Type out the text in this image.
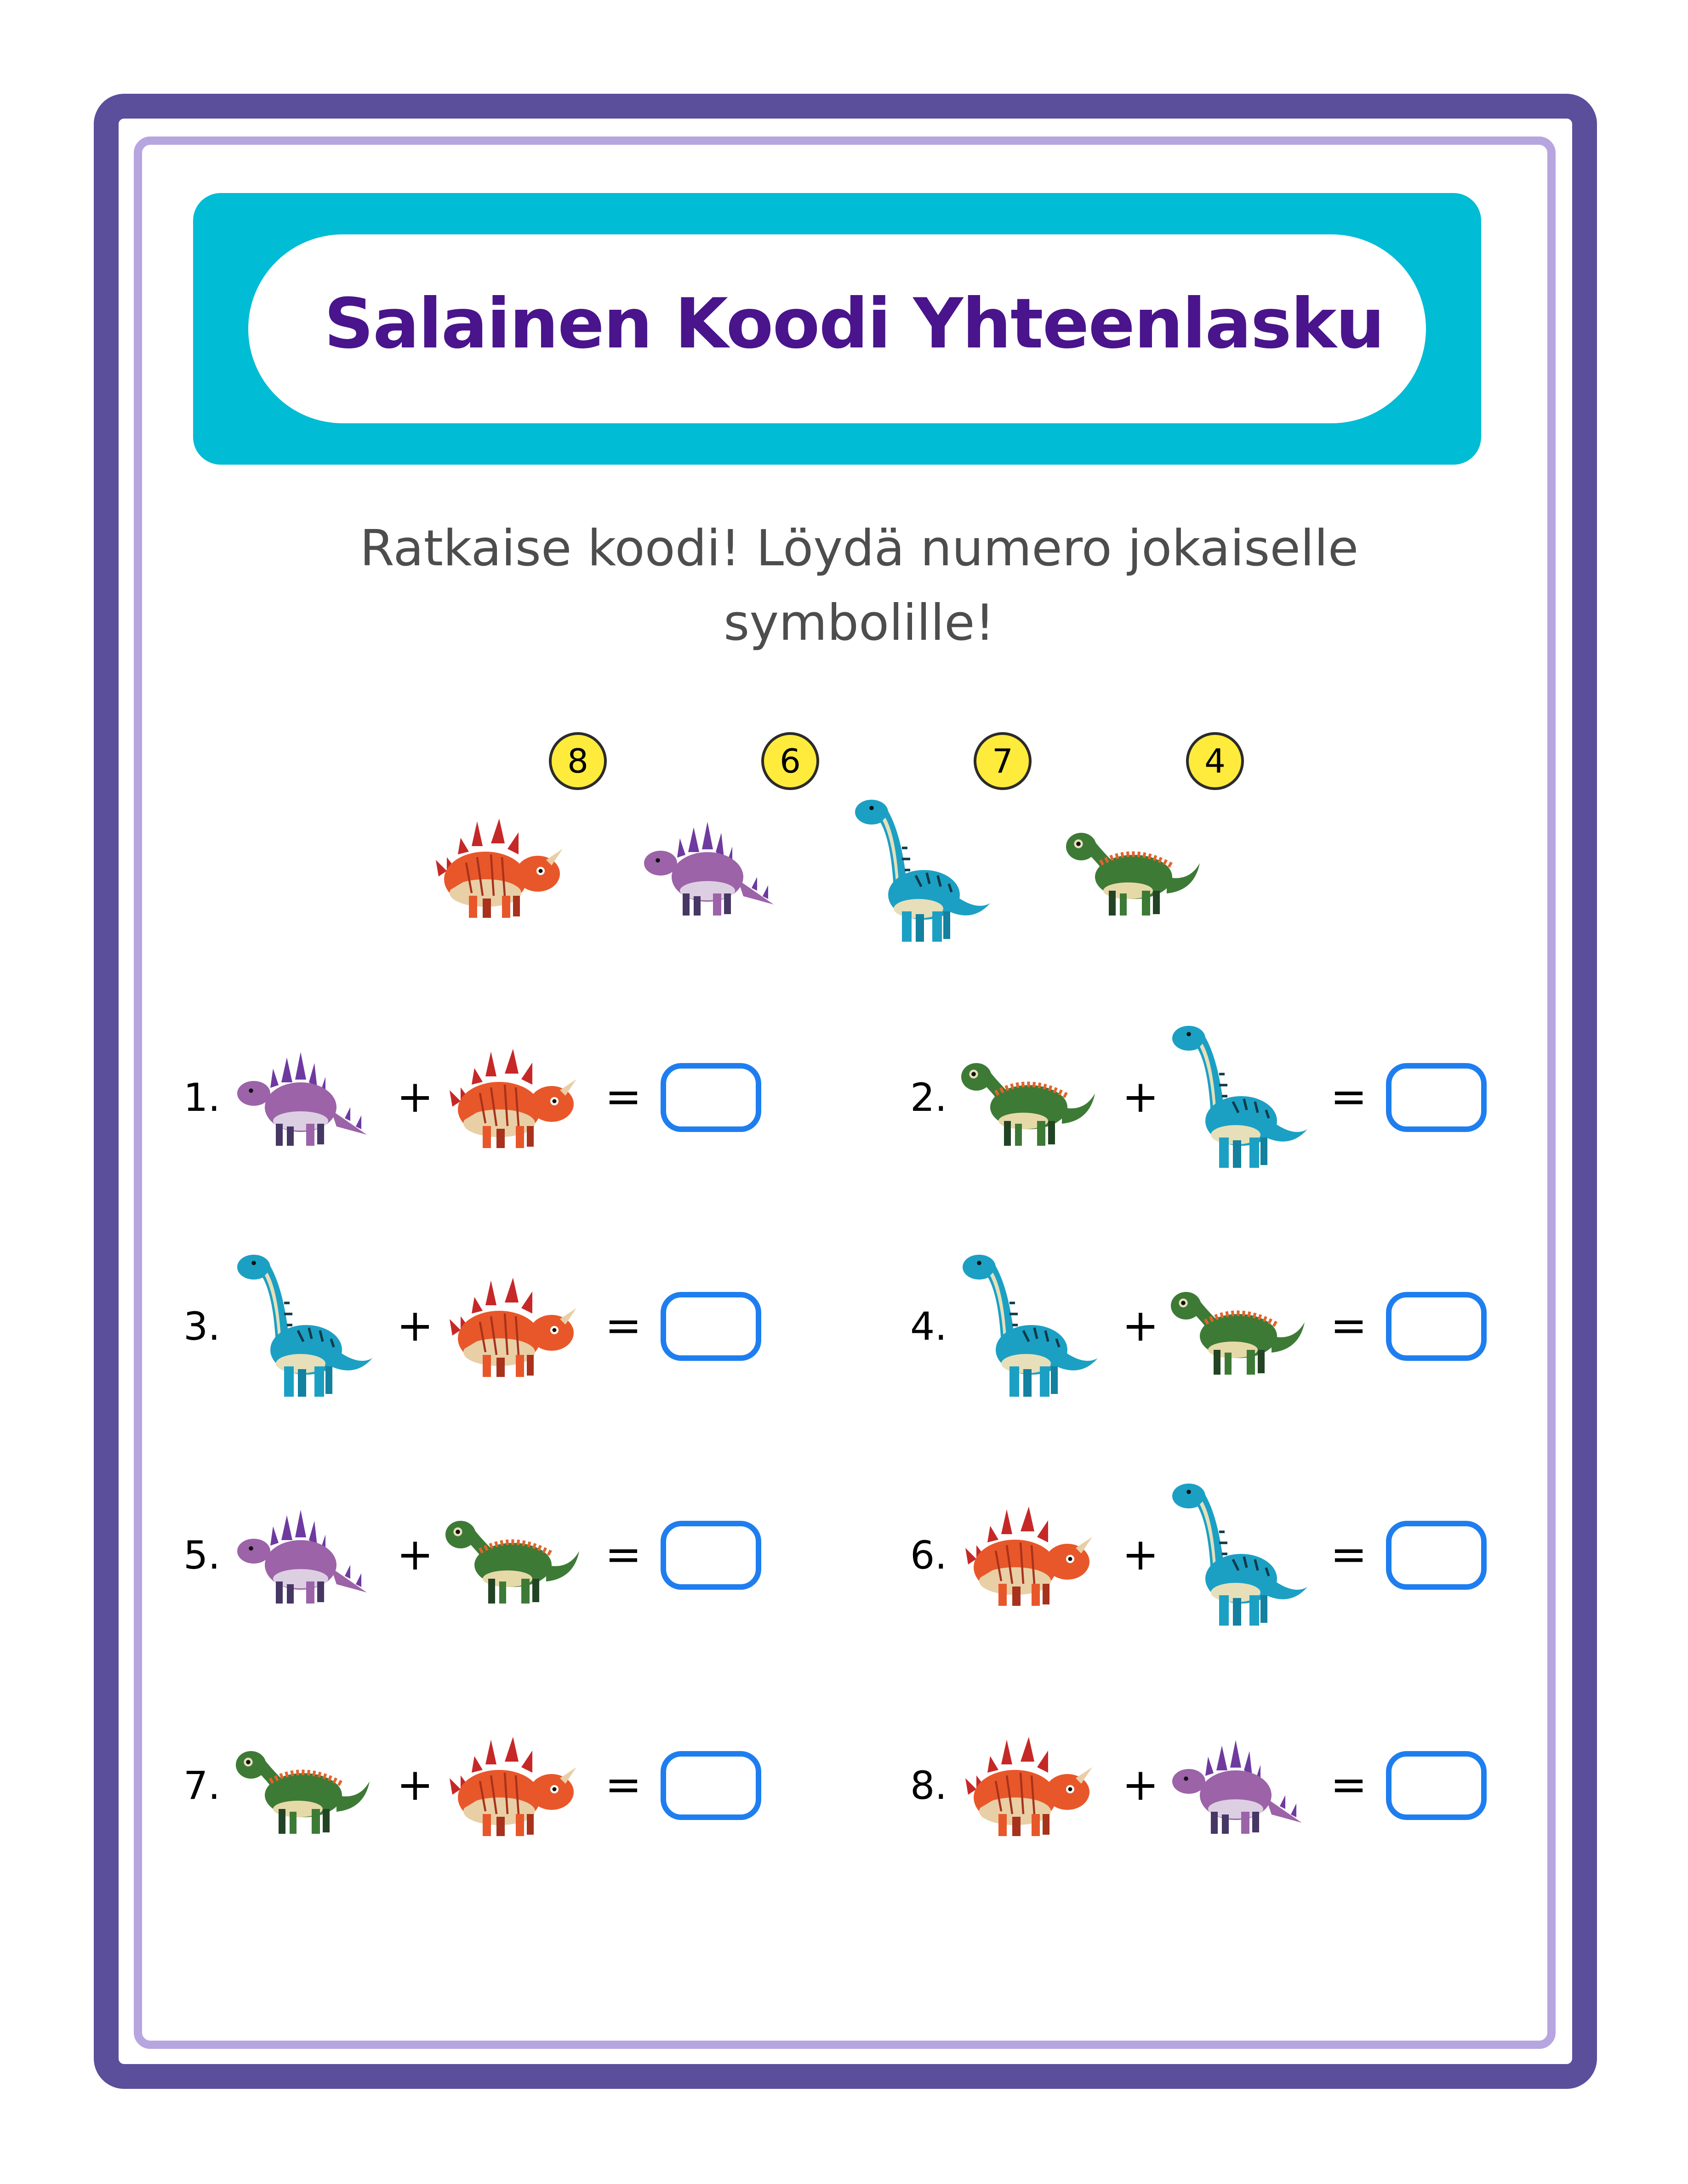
Salainen Koodi Yhteenlasku
Ratkaise koodi! Löydä numero jokaiselle
symbolille!
8	6	7	4
1.	+	=	2.	+	=
3.	+	=	4.	+	=
5.	+	=	6.	+	=
7.	+	=	8.	+	=
